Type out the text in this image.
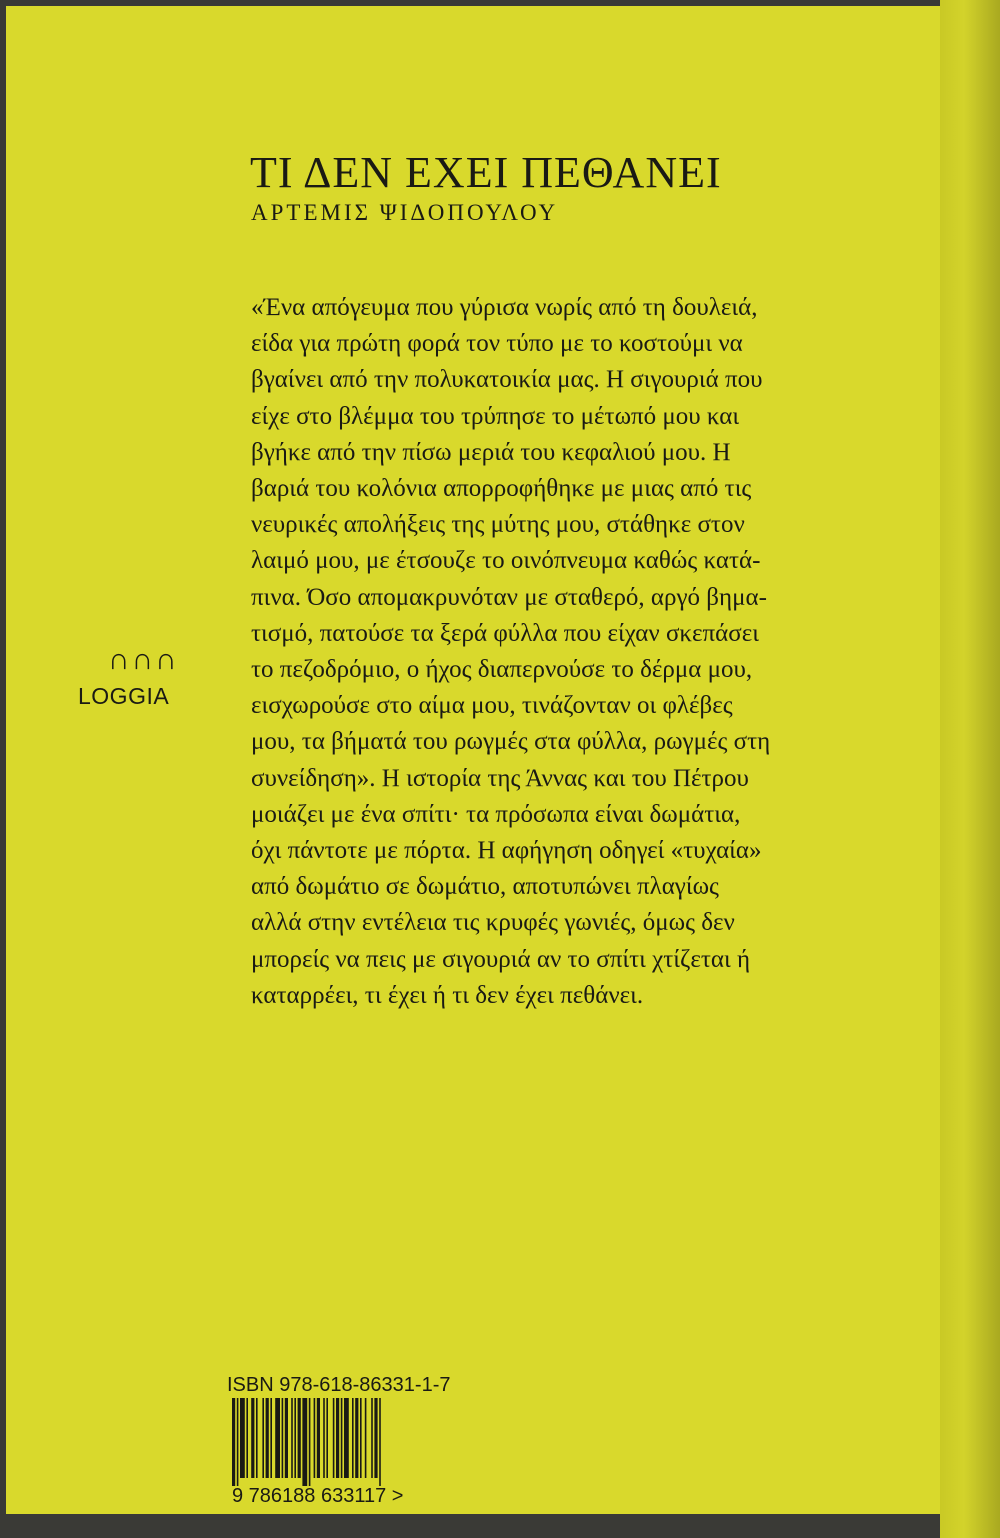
ΤΙ ΔΕΝ ΕΧΕΙ ΠΕΘΑΝΕΙ
ΑΡΤΕΜΙΣ ΨΙΔΟΠΟΥΛΟΥ
«Ένα απόγευμα που γύρισα νωρίς από τη δουλειά,
είδα για πρώτη φορά τον τύπο με το κοστούμι να
βγαίνει από την πολυκατοικία μας. Η σιγουριά που
είχε στο βλέμμα του τρύπησε το μέτωπό μου και
βγήκε από την πίσω μεριά του κεφαλιού μου. Η
βαριά του κολόνια απορροφήθηκε με μιας από τις
νευρικές απολήξεις της μύτης μου, στάθηκε στον
λαιμό μου, με έτσουζε το οινόπνευμα καθώς κατά-
πινα. Όσο απομακρυνόταν με σταθερό, αργό βημα-
τισμό, πατούσε τα ξερά φύλλα που είχαν σκεπάσει
το πεζοδρόμιο, ο ήχος διαπερνούσε το δέρμα μου,
εισχωρούσε στο αίμα μου, τινάζονταν οι φλέβες
μου, τα βήματά του ρωγμές στα φύλλα, ρωγμές στη
συνείδηση». Η ιστορία της Άννας και του Πέτρου
μοιάζει με ένα σπίτι· τα πρόσωπα είναι δωμάτια,
όχι πάντοτε με πόρτα. Η αφήγηση οδηγεί «τυχαία»
από δωμάτιο σε δωμάτιο, αποτυπώνει πλαγίως
αλλά στην εντέλεια τις κρυφές γωνιές, όμως δεν
μπορείς να πεις με σιγουριά αν το σπίτι χτίζεται ή
καταρρέει, τι έχει ή τι δεν έχει πεθάνει.
∩∩∩
LOGGIA
ISBN 978-618-86331-1-7
9 786188 633117 >
